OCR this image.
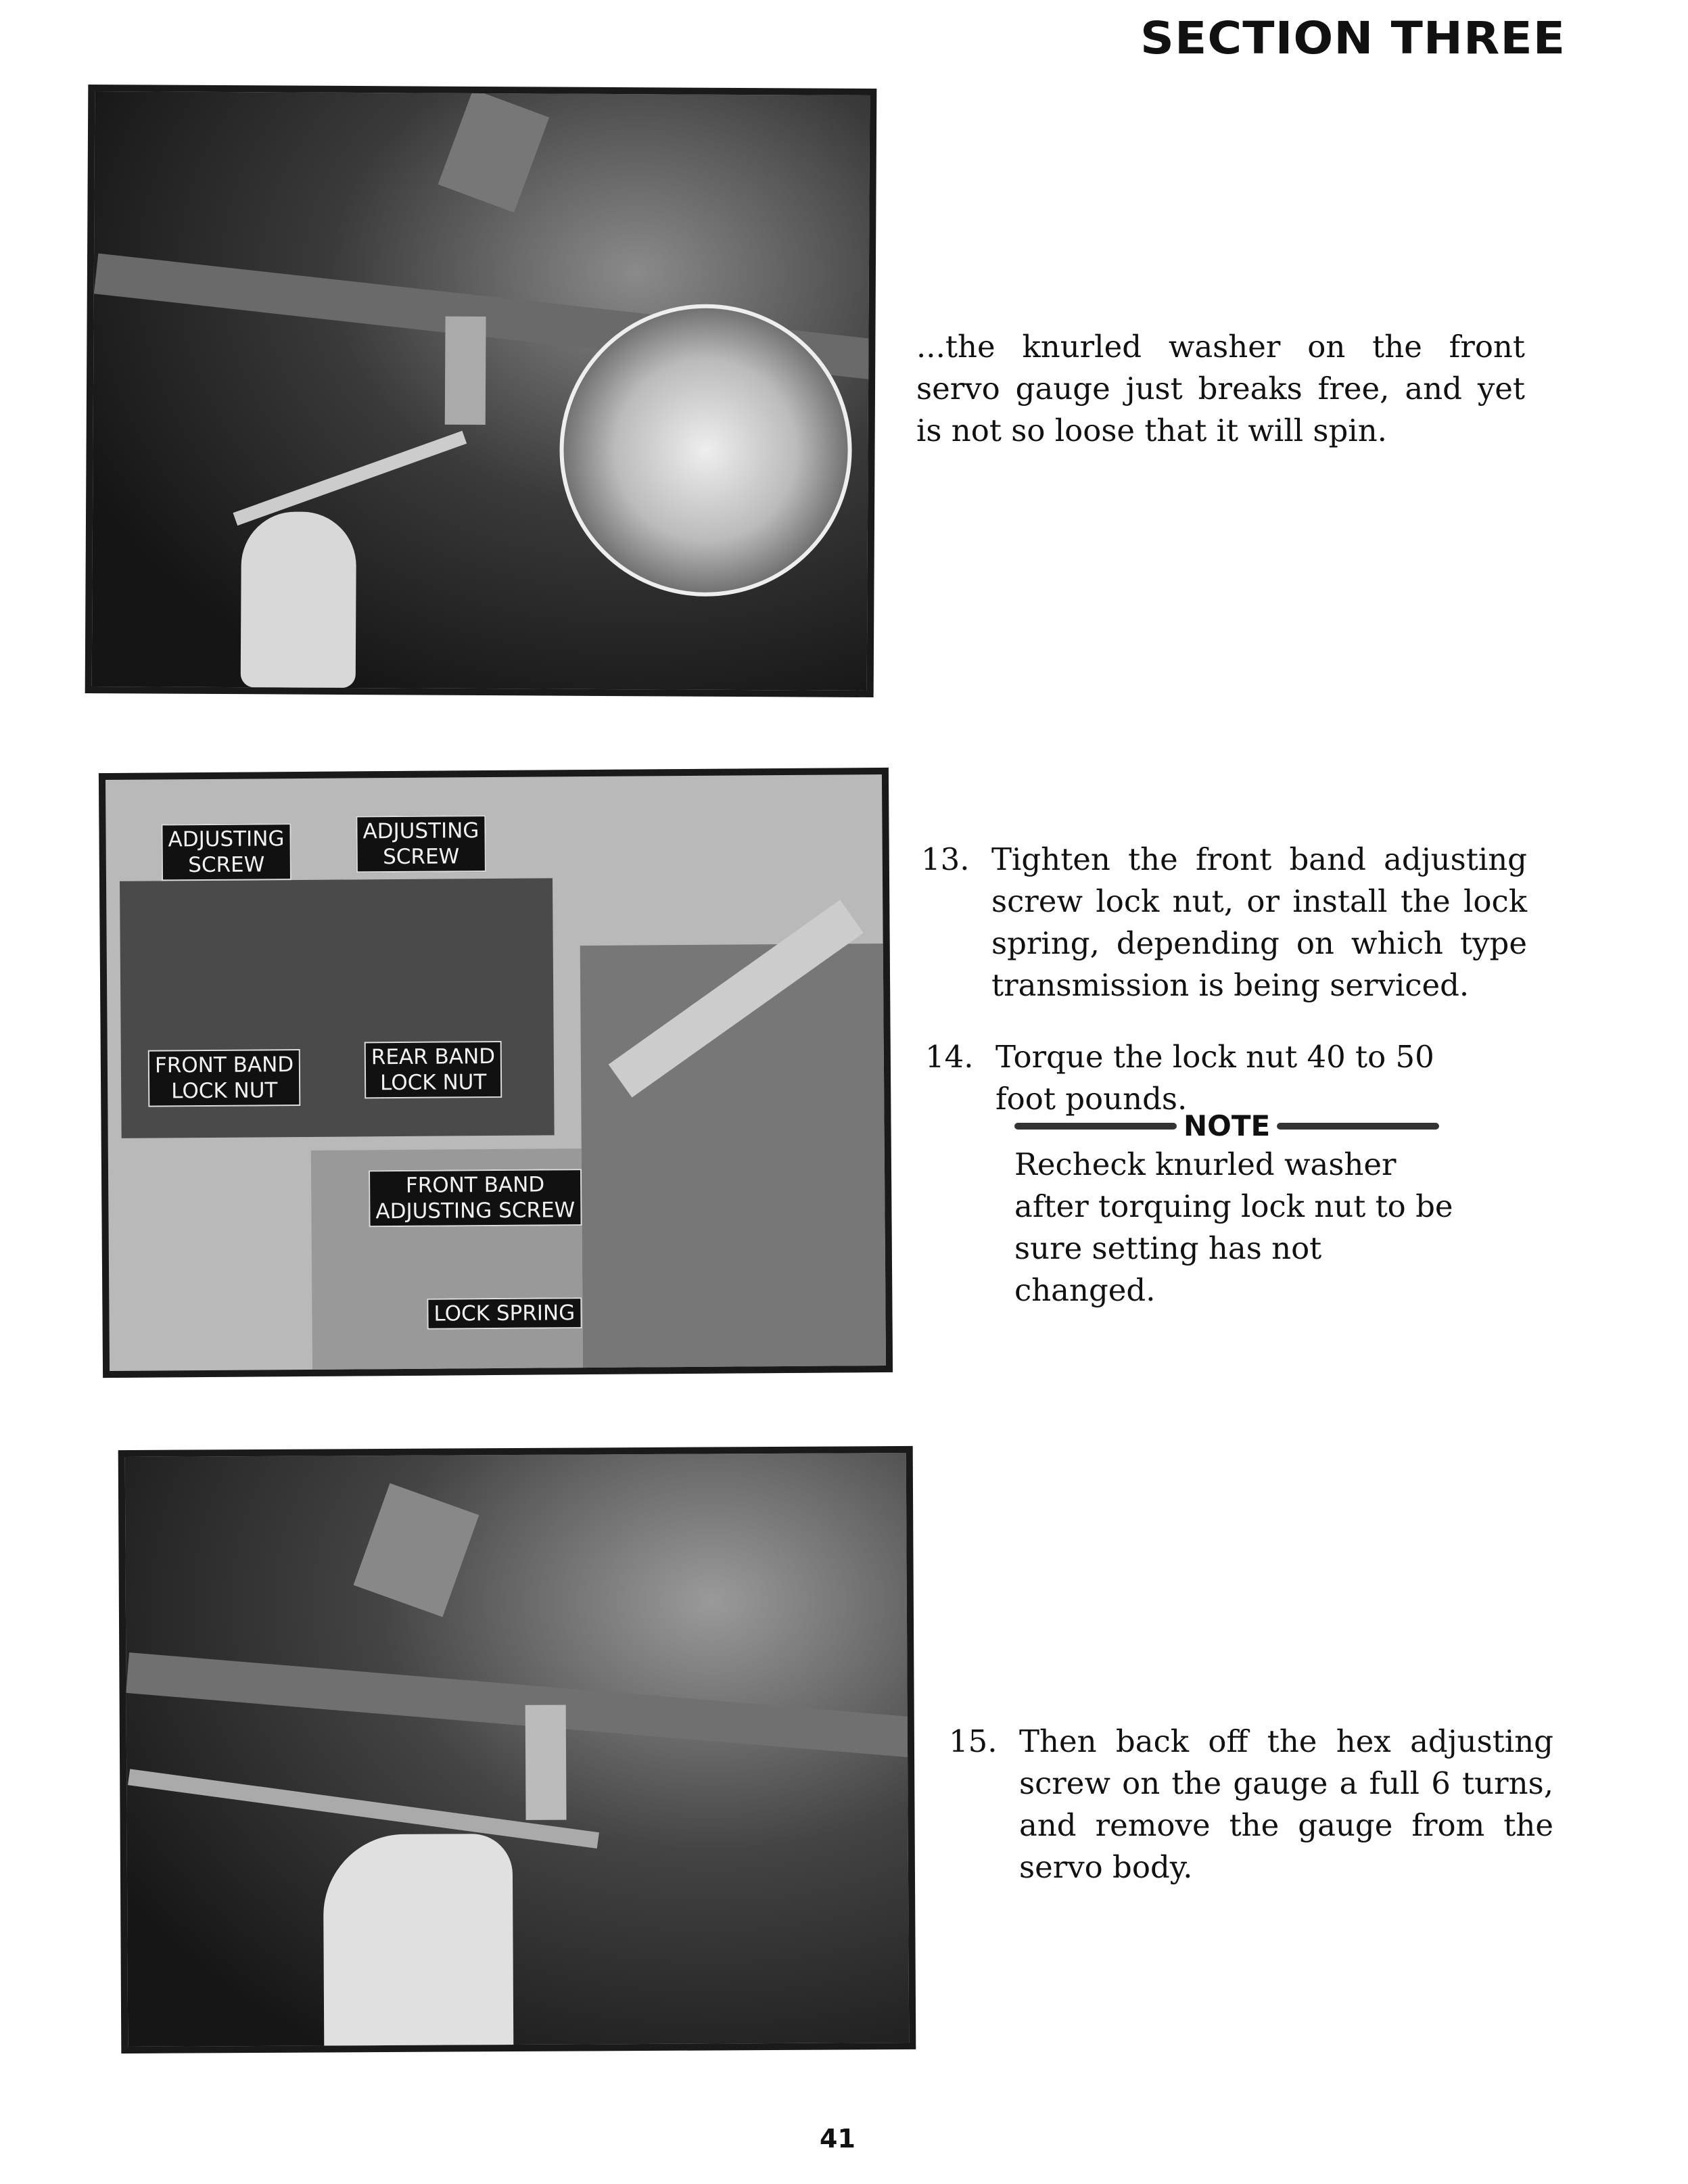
SECTION THREE
...the knurled washer on the front servo gauge just breaks free, and yet is not so loose that it will spin.
ADJUSTING
SCREW
ADJUSTING
SCREW
FRONT BAND
LOCK NUT
REAR BAND
LOCK NUT
FRONT BAND
ADJUSTING SCREW
LOCK SPRING
13. Tighten the front band adjusting screw lock nut, or install the lock spring, depending on which type transmission is being serviced.
14. Torque the lock nut 40 to 50 foot pounds.
NOTE
Recheck knurled washer after torquing lock nut to be sure setting has not changed.
15. Then back off the hex adjusting screw on the gauge a full 6 turns, and remove the gauge from the servo body.
41
